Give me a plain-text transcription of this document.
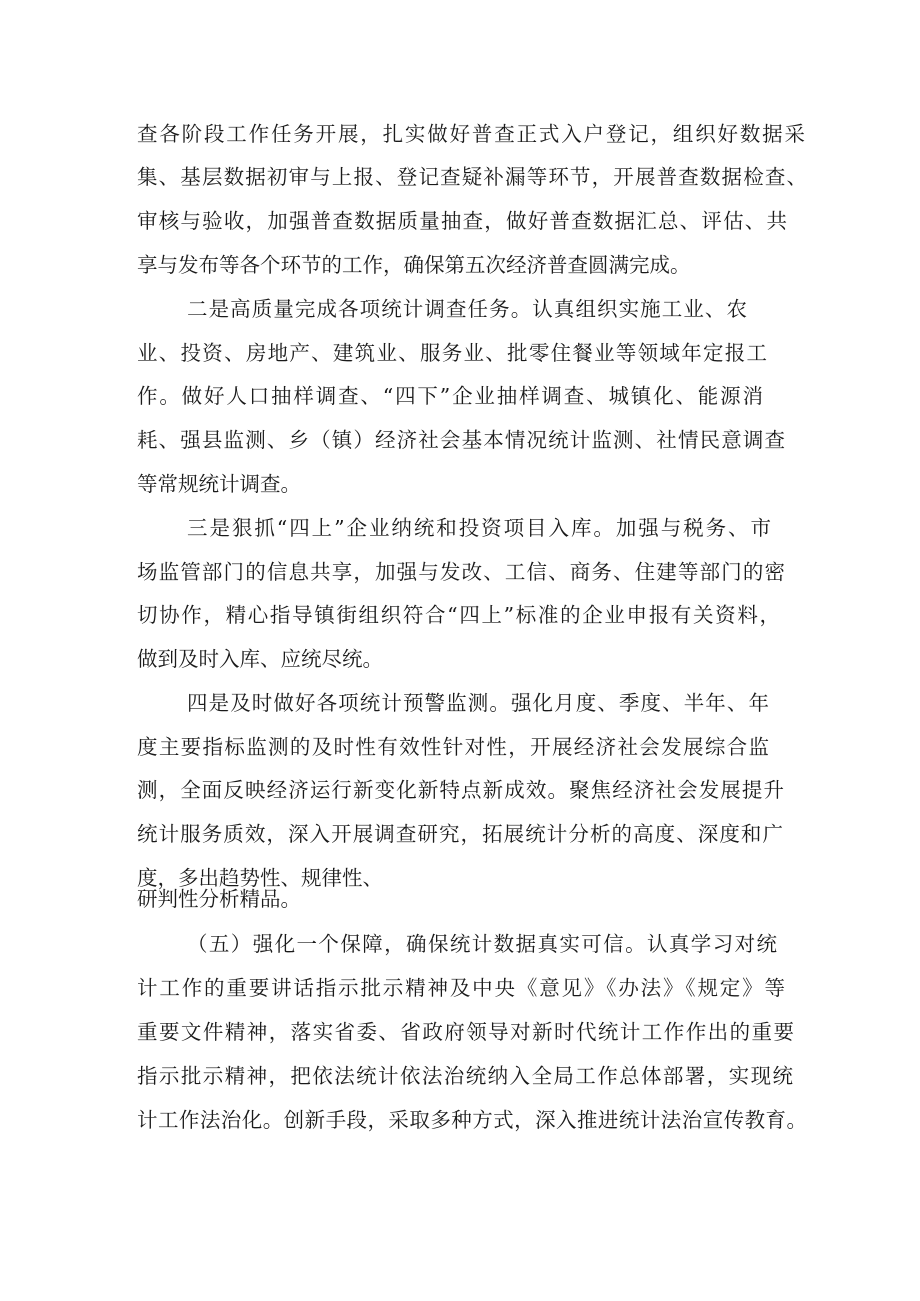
查各阶段工作任务开展，扎实做好普查正式入户登记，组织好数据采
集、基层数据初审与上报、登记查疑补漏等环节，开展普查数据检查、
审核与验收，加强普查数据质量抽查，做好普查数据汇总、评估、共
享与发布等各个环节的工作，确保第五次经济普查圆满完成。
二是高质量完成各项统计调查任务。认真组织实施工业、农
业、投资、房地产、建筑业、服务业、批零住餐业等领域年定报工
作。做好人口抽样调查、“四下”企业抽样调查、城镇化、能源消
耗、强县监测、乡（镇）经济社会基本情况统计监测、社情民意调查
等常规统计调查。
三是狠抓“四上”企业纳统和投资项目入库。加强与税务、市
场监管部门的信息共享，加强与发改、工信、商务、住建等部门的密
切协作，精心指导镇街组织符合“四上”标准的企业申报有关资料，
做到及时入库、应统尽统。
四是及时做好各项统计预警监测。强化月度、季度、半年、年
度主要指标监测的及时性有效性针对性，开展经济社会发展综合监
测，全面反映经济运行新变化新特点新成效。聚焦经济社会发展提升
统计服务质效，深入开展调查研究，拓展统计分析的高度、深度和广
度，多出趋势性、规律性、
研判性分析精品。
（五）强化一个保障，确保统计数据真实可信。认真学习对统
计工作的重要讲话指示批示精神及中央《意见》《办法》《规定》等
重要文件精神，落实省委、省政府领导对新时代统计工作作出的重要
指示批示精神，把依法统计依法治统纳入全局工作总体部署，实现统
计工作法治化。创新手段，采取多种方式，深入推进统计法治宣传教育。
